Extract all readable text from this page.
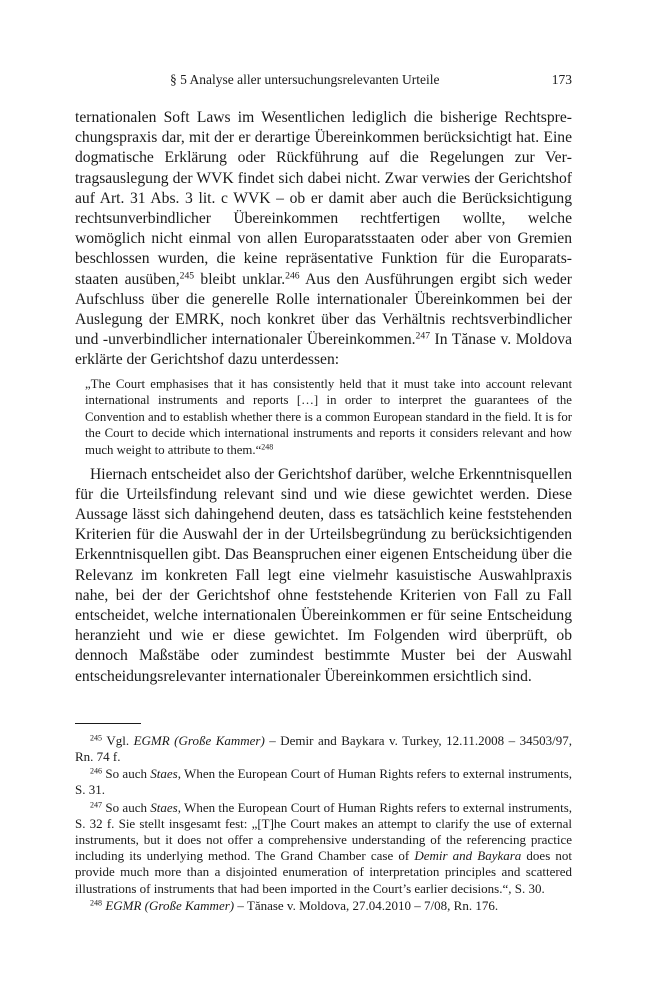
§ 5 Analyse aller untersuchungsrelevanten Urteile	173

ternationalen Soft Laws im Wesentlichen lediglich die bisherige Rechtsprechungspraxis dar, mit der er derartige Übereinkommen berücksichtigt hat. Eine dogmatische Erklärung oder Rückführung auf die Regelungen zur Vertragsauslegung der WVK findet sich dabei nicht. Zwar verwies der Gerichtshof auf Art. 31 Abs. 3 lit. c WVK – ob er damit aber auch die Berücksichtigung rechtsunverbindlicher Übereinkommen rechtfertigen wollte, welche womöglich nicht einmal von allen Europaratsstaaten oder aber von Gremien beschlossen wurden, die keine repräsentative Funktion für die Europaratsstaaten ausüben,$^{245}$ bleibt unklar.$^{246}$ Aus den Ausführungen ergibt sich weder Aufschluss über die generelle Rolle internationaler Übereinkommen bei der Auslegung der EMRK, noch konkret über das Verhältnis rechtsverbindlicher und -unverbindlicher internationaler Übereinkommen.$^{247}$ In Tănase v. Moldova erklärte der Gerichtshof dazu unterdessen:

„The Court emphasises that it has consistently held that it must take into account relevant international instruments and reports […] in order to interpret the guarantees of the Convention and to establish whether there is a common European standard in the field. It is for the Court to decide which international instruments and reports it considers relevant and how much weight to attribute to them.“$^{248}$

Hiernach entscheidet also der Gerichtshof darüber, welche Erkenntnisquellen für die Urteilsfindung relevant sind und wie diese gewichtet werden. Diese Aussage lässt sich dahingehend deuten, dass es tatsächlich keine feststehenden Kriterien für die Auswahl der in der Urteilsbegründung zu berücksichtigenden Erkenntnisquellen gibt. Das Beanspruchen einer eigenen Entscheidung über die Relevanz im konkreten Fall legt eine vielmehr kasuistische Auswahlpraxis nahe, bei der der Gerichtshof ohne feststehende Kriterien von Fall zu Fall entscheidet, welche internationalen Übereinkommen er für seine Entscheidung heranzieht und wie er diese gewichtet. Im Folgenden wird überprüft, ob dennoch Maßstäbe oder zumindest bestimmte Muster bei der Auswahl entscheidungsrelevanter internationaler Übereinkommen ersichtlich sind.

$^{245}$ Vgl. EGMR (Große Kammer) – Demir and Baykara v. Turkey, 12.11.2008 – 34503/97, Rn. 74 f.

$^{246}$ So auch Staes, When the European Court of Human Rights refers to external instruments, S. 31.

$^{247}$ So auch Staes, When the European Court of Human Rights refers to external instruments, S. 32 f. Sie stellt insgesamt fest: „[T]he Court makes an attempt to clarify the use of external instruments, but it does not offer a comprehensive understanding of the referencing practice including its underlying method. The Grand Chamber case of Demir and Baykara does not provide much more than a disjointed enumeration of interpretation principles and scattered illustrations of instruments that had been imported in the Court’s earlier decisions.“, S. 30.

$^{248}$ EGMR (Große Kammer) – Tănase v. Moldova, 27.04.2010 – 7/08, Rn. 176.
